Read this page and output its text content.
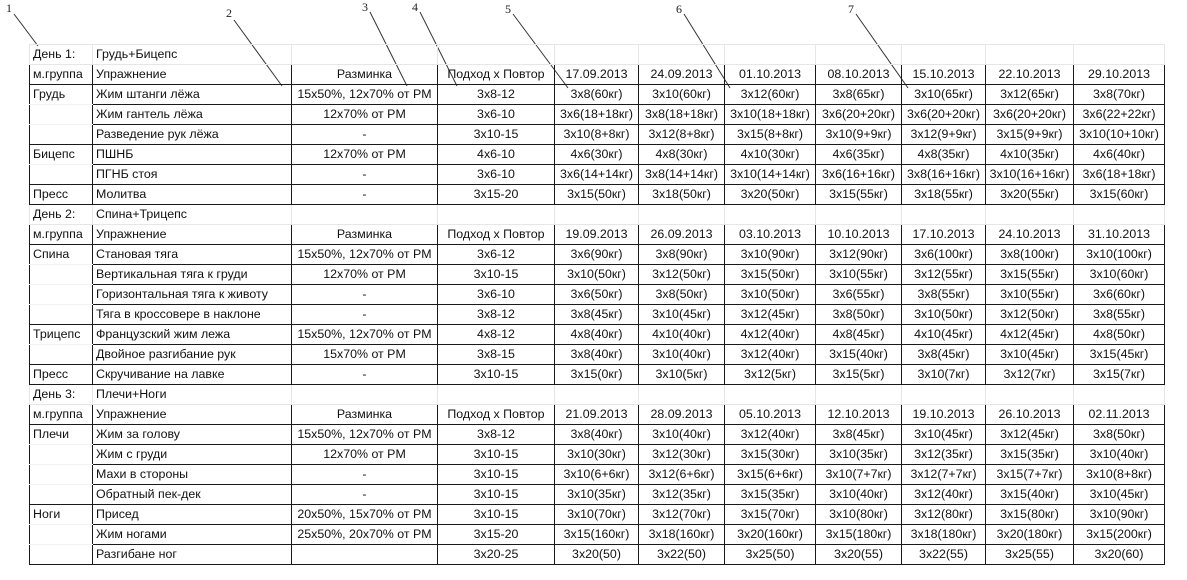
1	2	3	4	5	6	7
День 1:	Грудь+Бицепс									
м.группа	Упражнение	Разминка	Подход х Повтор	17.09.2013	24.09.2013	01.10.2013	08.10.2013	15.10.2013	22.10.2013	29.10.2013
Грудь	Жим штанги лёжа	15x50%, 12x70% от PM	3x8-12	3x8(60кг)	3x10(60кг)	3x12(60кг)	3x8(65кг)	3x10(65кг)	3x12(65кг)	3x8(70кг)
	Жим гантель лёжа	12x70% от PM	3x6-10	3x6(18+18кг)	3x8(18+18кг)	3x10(18+18кг)	3x6(20+20кг)	3x6(20+20кг)	3x6(20+20кг)	3x6(22+22кг)
	Разведение рук лёжа	-	3x10-15	3x10(8+8кг)	3x12(8+8кг)	3x15(8+8кг)	3x10(9+9кг)	3x12(9+9кг)	3x15(9+9кг)	3x10(10+10кг)
Бицепс	ПШНБ	12x70% от PM	4x6-10	4x6(30кг)	4x8(30кг)	4x10(30кг)	4x6(35кг)	4x8(35кг)	4x10(35кг)	4x6(40кг)
	ПГНБ стоя	-	3x6-10	3x6(14+14кг)	3x8(14+14кг)	3x10(14+14кг)	3x6(16+16кг)	3x8(16+16кг)	3x10(16+16кг)	3x6(18+18кг)
Пресс	Молитва	-	3x15-20	3x15(50кг)	3x18(50кг)	3x20(50кг)	3x15(55кг)	3x18(55кг)	3x20(55кг)	3x15(60кг)
День 2:	Спина+Трицепс									
м.группа	Упражнение	Разминка	Подход х Повтор	19.09.2013	26.09.2013	03.10.2013	10.10.2013	17.10.2013	24.10.2013	31.10.2013
Спина	Становая тяга	15x50%, 12x70% от PM	3x6-12	3x6(90кг)	3x8(90кг)	3x10(90кг)	3x12(90кг)	3x6(100кг)	3x8(100кг)	3x10(100кг)
	Вертикальная тяга к груди	12x70% от PM	3x10-15	3x10(50кг)	3x12(50кг)	3x15(50кг)	3x10(55кг)	3x12(55кг)	3x15(55кг)	3x10(60кг)
	Горизонтальная тяга к животу	-	3x6-10	3x6(50кг)	3x8(50кг)	3x10(50кг)	3x6(55кг)	3x8(55кг)	3x10(55кг)	3x6(60кг)
	Тяга в кроссовере в наклоне	-	3x8-12	3x8(45кг)	3x10(45кг)	3x12(45кг)	3x8(50кг)	3x10(50кг)	3x12(50кг)	3x8(55кг)
Трицепс	Французский жим лежа	15x50%, 12x70% от PM	4x8-12	4x8(40кг)	4x10(40кг)	4x12(40кг)	4x8(45кг)	4x10(45кг)	4x12(45кг)	4x8(50кг)
	Двойное разгибание рук	15x70% от PM	3x8-15	3x8(40кг)	3x10(40кг)	3x12(40кг)	3x15(40кг)	3x8(45кг)	3x10(45кг)	3x15(45кг)
Пресс	Скручивание на лавке	-	3x10-15	3x15(0кг)	3x10(5кг)	3x12(5кг)	3x15(5кг)	3x10(7кг)	3x12(7кг)	3x15(7кг)
День 3:	Плечи+Ноги									
м.группа	Упражнение	Разминка	Подход х Повтор	21.09.2013	28.09.2013	05.10.2013	12.10.2013	19.10.2013	26.10.2013	02.11.2013
Плечи	Жим за голову	15x50%, 12x70% от PM	3x8-12	3x8(40кг)	3x10(40кг)	3x12(40кг)	3x8(45кг)	3x10(45кг)	3x12(45кг)	3x8(50кг)
	Жим с груди	12x70% от PM	3x10-15	3x10(30кг)	3x12(30кг)	3x15(30кг)	3x10(35кг)	3x12(35кг)	3x15(35кг)	3x10(40кг)
	Махи в стороны	-	3x10-15	3x10(6+6кг)	3x12(6+6кг)	3x15(6+6кг)	3x10(7+7кг)	3x12(7+7кг)	3x15(7+7кг)	3x10(8+8кг)
	Обратный пек-дек	-	3x10-15	3x10(35кг)	3x12(35кг)	3x15(35кг)	3x10(40кг)	3x12(40кг)	3x15(40кг)	3x10(45кг)
Ноги	Присед	20x50%, 15x70% от PM	3x10-15	3x10(70кг)	3x12(70кг)	3x15(70кг)	3x10(80кг)	3x12(80кг)	3x15(80кг)	3x10(90кг)
	Жим ногами	25x50%, 20x70% от PM	3x15-20	3x15(160кг)	3x18(160кг)	3x20(160кг)	3x15(180кг)	3x18(180кг)	3x20(180кг)	3x15(200кг)
	Разгибане ног		3x20-25	3x20(50)	3x22(50)	3x25(50)	3x20(55)	3x22(55)	3x25(55)	3x20(60)
